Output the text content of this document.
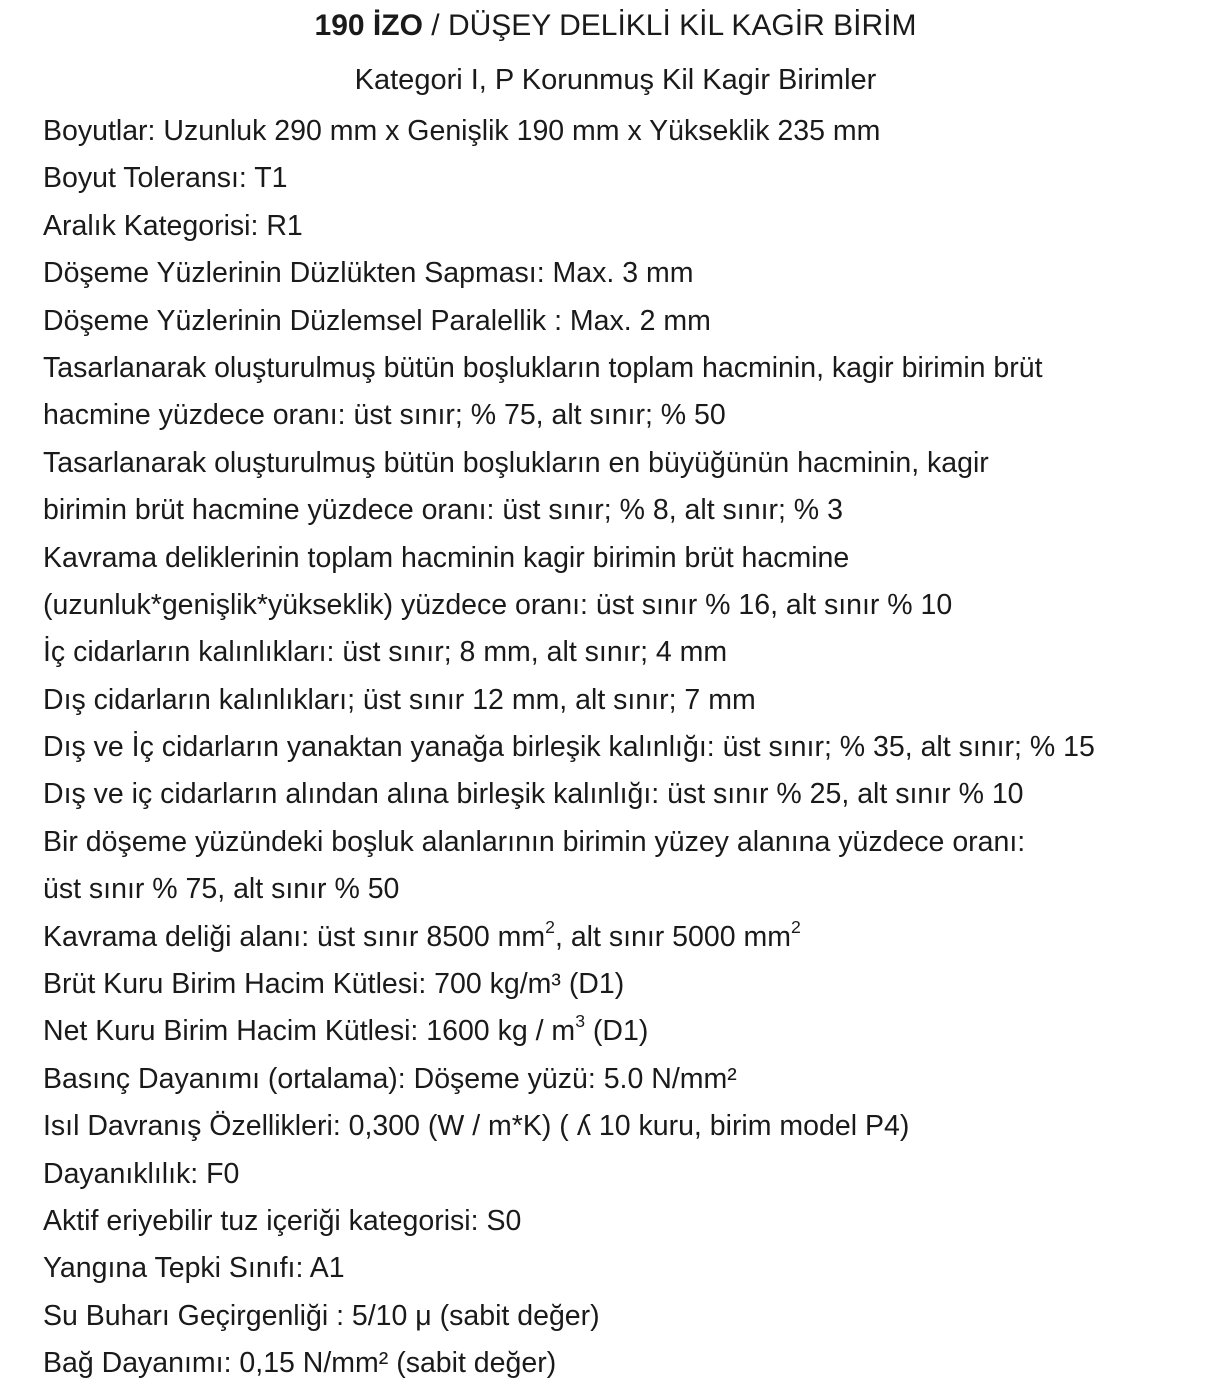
190 İZO / DÜŞEY DELİKLİ KİL KAGİR BİRİM
Kategori I, P Korunmuş Kil Kagir Birimler
Boyutlar: Uzunluk 290 mm x Genişlik 190 mm x Yükseklik 235 mm
Boyut Toleransı: T1
Aralık Kategorisi: R1
Döşeme Yüzlerinin Düzlükten Sapması: Max. 3 mm
Döşeme Yüzlerinin Düzlemsel Paralellik : Max. 2 mm
Tasarlanarak oluşturulmuş bütün boşlukların toplam hacminin, kagir birimin brüt
hacmine yüzdece oranı: üst sınır; % 75, alt sınır; % 50
Tasarlanarak oluşturulmuş bütün boşlukların en büyüğünün hacminin, kagir
birimin brüt hacmine yüzdece oranı: üst sınır; % 8, alt sınır; % 3
Kavrama deliklerinin toplam hacminin kagir birimin brüt hacmine
(uzunluk*genişlik*yükseklik) yüzdece oranı: üst sınır % 16, alt sınır % 10
İç cidarların kalınlıkları: üst sınır; 8 mm, alt sınır; 4 mm
Dış cidarların kalınlıkları; üst sınır 12 mm, alt sınır; 7 mm
Dış ve İç cidarların yanaktan yanağa birleşik kalınlığı: üst sınır; % 35, alt sınır; % 15
Dış ve iç cidarların alından alına birleşik kalınlığı: üst sınır % 25, alt sınır % 10
Bir döşeme yüzündeki boşluk alanlarının birimin yüzey alanına yüzdece oranı:
üst sınır % 75, alt sınır % 50
Kavrama deliği alanı: üst sınır 8500 $mm^2$, alt sınır 5000 $mm^2$
Brüt Kuru Birim Hacim Kütlesi: 700 kg/m³ (D1)
Net Kuru Birim Hacim Kütlesi: 1600 kg / $m^3$ (D1)
Basınç Dayanımı (ortalama): Döşeme yüzü: 5.0 N/mm²
Isıl Davranış Özellikleri: 0,300 (W / m*K) ( ʎ 10 kuru, birim model P4)
Dayanıklılık: F0
Aktif eriyebilir tuz içeriği kategorisi: S0
Yangına Tepki Sınıfı: A1
Su Buharı Geçirgenliği : 5/10 μ (sabit değer)
Bağ Dayanımı: 0,15 N/mm² (sabit değer)
